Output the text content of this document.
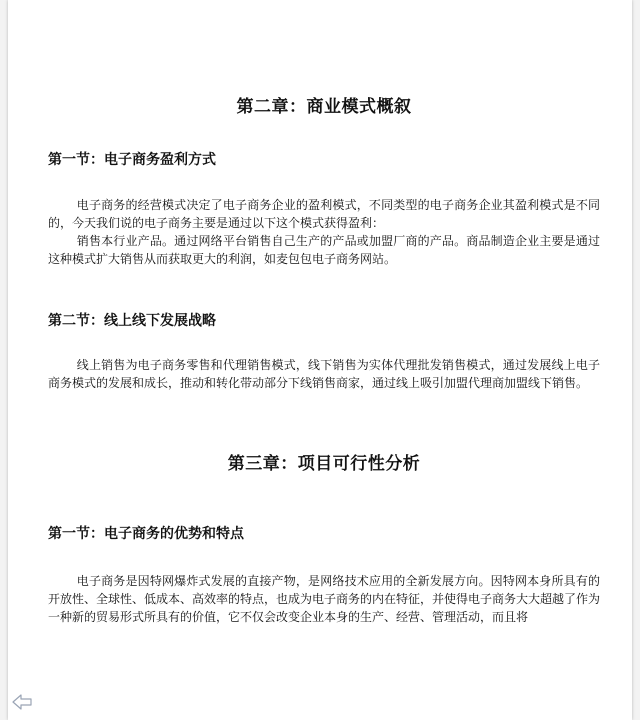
第二章：商业模式概叙
第一节：电子商务盈利方式
电子商务的经营模式决定了电子商务企业的盈利模式，不同类型的电子商务企业其盈利模式是不同的，今天我们说的电子商务主要是通过以下这个模式获得盈利：
销售本行业产品。通过网络平台销售自己生产的产品或加盟厂商的产品。商品制造企业主要是通过这种模式扩大销售从而获取更大的利润，如麦包包电子商务网站。
第二节：线上线下发展战略
线上销售为电子商务零售和代理销售模式，线下销售为实体代理批发销售模式，通过发展线上电子商务模式的发展和成长，推动和转化带动部分下线销售商家，通过线上吸引加盟代理商加盟线下销售。
第三章：项目可行性分析
第一节：电子商务的优势和特点
电子商务是因特网爆炸式发展的直接产物，是网络技术应用的全新发展方向。因特网本身所具有的开放性、全球性、低成本、高效率的特点，也成为电子商务的内在特征，并使得电子商务大大超越了作为一种新的贸易形式所具有的价值，它不仅会改变企业本身的生产、经营、管理活动，而且将
